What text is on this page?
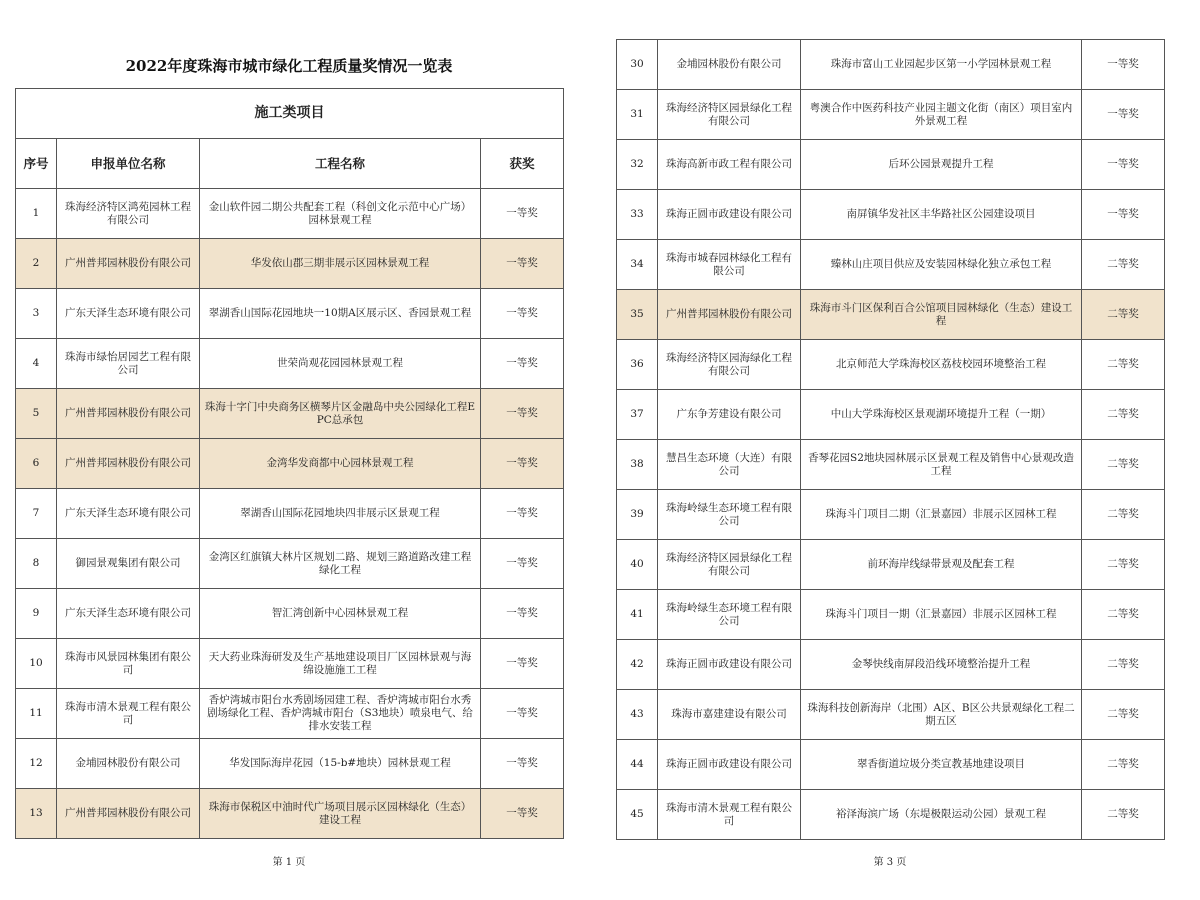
2022年度珠海市城市绿化工程质量奖情况一览表
施工类项目			
序号	申报单位名称	工程名称	获奖
1	珠海经济特区鸿苑园林工程有限公司	金山软件园二期公共配套工程（科创文化示范中心广场）园林景观工程	一等奖
2	广州普邦园林股份有限公司	华发依山郡三期非展示区园林景观工程	一等奖
3	广东天泽生态环境有限公司	翠湖香山国际花园地块一10期A区展示区、香园景观工程	一等奖
4	珠海市绿怡居园艺工程有限公司	世荣尚观花园园林景观工程	一等奖
5	广州普邦园林股份有限公司	珠海十字门中央商务区横琴片区金融岛中央公园绿化工程EPC总承包	一等奖
6	广州普邦园林股份有限公司	金湾华发商都中心园林景观工程	一等奖
7	广东天泽生态环境有限公司	翠湖香山国际花园地块四非展示区景观工程	一等奖
8	御园景观集团有限公司	金湾区红旗镇大林片区规划二路、规划三路道路改建工程绿化工程	一等奖
9	广东天泽生态环境有限公司	智汇湾创新中心园林景观工程	一等奖
10	珠海市风景园林集团有限公司	天大药业珠海研发及生产基地建设项目厂区园林景观与海绵设施施工工程	一等奖
11	珠海市清木景观工程有限公司	香炉湾城市阳台水秀剧场园建工程、香炉湾城市阳台水秀剧场绿化工程、香炉湾城市阳台（S3地块）喷泉电气、给排水安装工程	一等奖
12	金埔园林股份有限公司	华发国际海岸花园（15-b#地块）园林景观工程	一等奖
13	广州普邦园林股份有限公司	珠海市保税区中油时代广场项目展示区园林绿化（生态）建设工程	一等奖
第 1 页
30	金埔园林股份有限公司	珠海市富山工业园起步区第一小学园林景观工程	一等奖
31	珠海经济特区园景绿化工程有限公司	粤澳合作中医药科技产业园主题文化街（南区）项目室内外景观工程	一等奖
32	珠海高新市政工程有限公司	后环公园景观提升工程	一等奖
33	珠海正圆市政建设有限公司	南屏镇华发社区丰华路社区公园建设项目	一等奖
34	珠海市城春园林绿化工程有限公司	臻林山庄项目供应及安装园林绿化独立承包工程	二等奖
35	广州普邦园林股份有限公司	珠海市斗门区保利百合公馆项目园林绿化（生态）建设工程	二等奖
36	珠海经济特区园海绿化工程有限公司	北京师范大学珠海校区荔枝校园环境整治工程	二等奖
37	广东争芳建设有限公司	中山大学珠海校区景观湖环境提升工程（一期）	二等奖
38	慧昌生态环境（大连）有限公司	香琴花园S2地块园林展示区景观工程及销售中心景观改造工程	二等奖
39	珠海岭绿生态环境工程有限公司	珠海斗门项目二期（汇景嘉园）非展示区园林工程	二等奖
40	珠海经济特区园景绿化工程有限公司	前环海岸线绿带景观及配套工程	二等奖
41	珠海岭绿生态环境工程有限公司	珠海斗门项目一期（汇景嘉园）非展示区园林工程	二等奖
42	珠海正圆市政建设有限公司	金琴快线南屏段沿线环境整治提升工程	二等奖
43	珠海市嘉建建设有限公司	珠海科技创新海岸（北围）A区、B区公共景观绿化工程二期五区	二等奖
44	珠海正圆市政建设有限公司	翠香街道垃圾分类宣教基地建设项目	二等奖
45	珠海市清木景观工程有限公司	裕泽海滨广场（东堤极限运动公园）景观工程	二等奖
第 3 页
